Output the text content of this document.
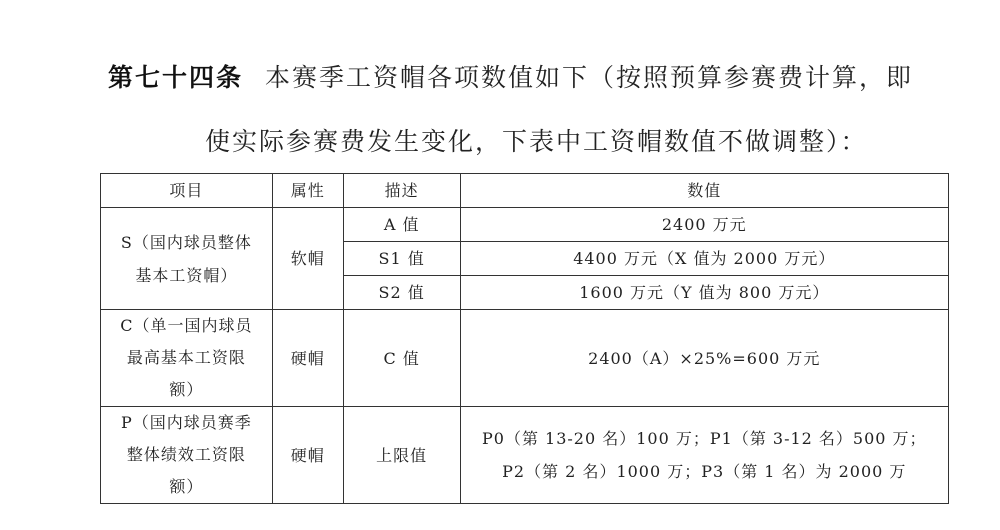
第七十四条 本赛季工资帽各项数值如下（按照预算参赛费计算，即
使实际参赛费发生变化，下表中工资帽数值不做调整）：
项目	属性	描述	数值

S（国内球员整体
基本工资帽）	软帽	A 值	2400 万元
		S1 值	4400 万元（X 值为 2000 万元）
		S2 值	1600 万元（Y 值为 800 万元）

C（单一国内球员
最高基本工资限
额）	硬帽	C 值	2400（A）×25%=600 万元

P（国内球员赛季
整体绩效工资限
额）	硬帽	上限值	P0（第 13-20 名）100 万；P1（第 3-12 名）500 万；
P2（第 2 名）1000 万；P3（第 1 名）为 2000 万
